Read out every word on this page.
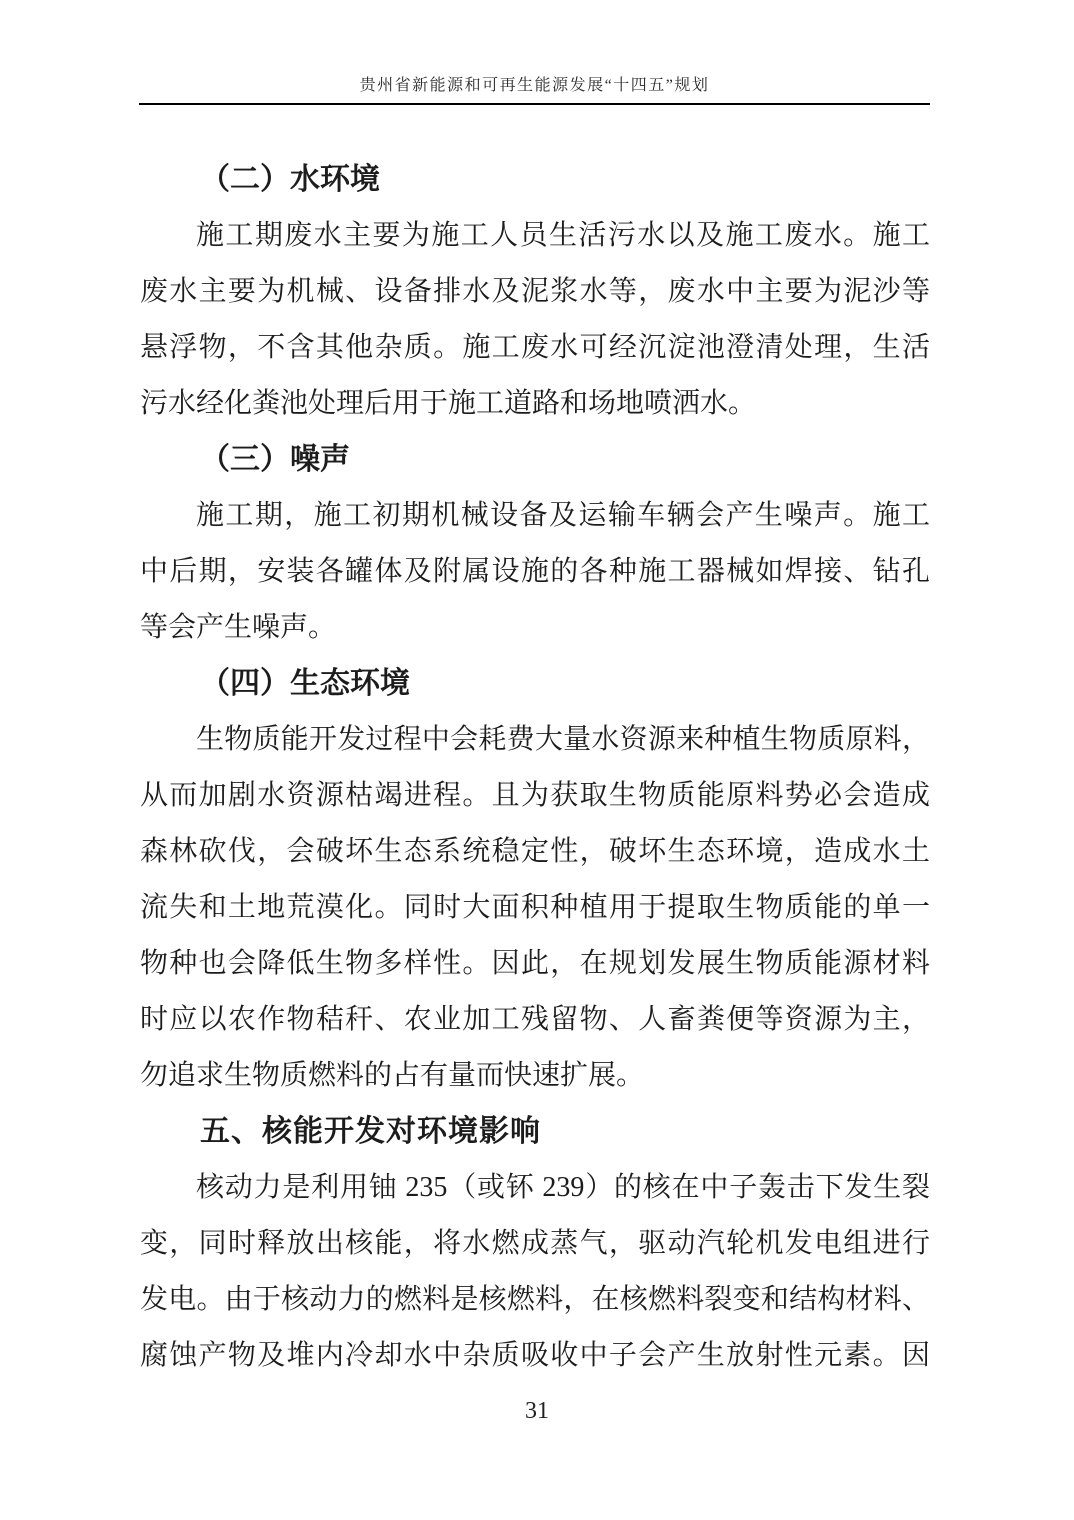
贵州省新能源和可再生能源发展“十四五”规划
（二）水环境
施工期废水主要为施工人员生活污水以及施工废水。施工
废水主要为机械、设备排水及泥浆水等，废水中主要为泥沙等
悬浮物，不含其他杂质。施工废水可经沉淀池澄清处理，生活
污水经化粪池处理后用于施工道路和场地喷洒水。
（三）噪声
施工期，施工初期机械设备及运输车辆会产生噪声。施工
中后期，安装各罐体及附属设施的各种施工器械如焊接、钻孔
等会产生噪声。
（四）生态环境
生物质能开发过程中会耗费大量水资源来种植生物质原料，
从而加剧水资源枯竭进程。且为获取生物质能原料势必会造成
森林砍伐，会破坏生态系统稳定性，破坏生态环境，造成水土
流失和土地荒漠化。同时大面积种植用于提取生物质能的单一
物种也会降低生物多样性。因此，在规划发展生物质能源材料
时应以农作物秸秆、农业加工残留物、人畜粪便等资源为主，
勿追求生物质燃料的占有量而快速扩展。
五、核能开发对环境影响
核动力是利用铀 235（或钚 239）的核在中子轰击下发生裂
变，同时释放出核能，将水燃成蒸气，驱动汽轮机发电组进行
发电。由于核动力的燃料是核燃料，在核燃料裂变和结构材料、
腐蚀产物及堆内冷却水中杂质吸收中子会产生放射性元素。因
31
